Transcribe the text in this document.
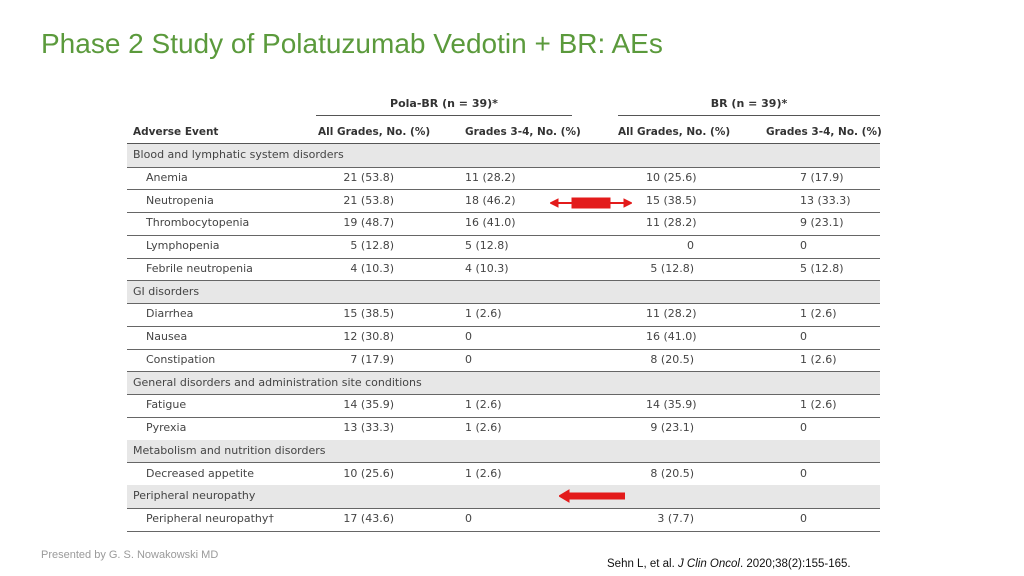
Phase 2 Study of Polatuzumab Vedotin + BR: AEs
Pola-BR (n = 39)*	BR (n = 39)*
Adverse Event	All Grades, No. (%)	Grades 3-4, No. (%)	All Grades, No. (%)	Grades 3-4, No. (%)
Blood and lymphatic system disorders
Anemia	21 (53.8)	11 (28.2)	10 (25.6)	7 (17.9)
Neutropenia	21 (53.8)	18 (46.2)	15 (38.5)	13 (33.3)
Thrombocytopenia	19 (48.7)	16 (41.0)	11 (28.2)	9 (23.1)
Lymphopenia	5 (12.8)	5 (12.8)	0	0
Febrile neutropenia	4 (10.3)	4 (10.3)	5 (12.8)	5 (12.8)
GI disorders
Diarrhea	15 (38.5)	1 (2.6)	11 (28.2)	1 (2.6)
Nausea	12 (30.8)	0	16 (41.0)	0
Constipation	7 (17.9)	0	8 (20.5)	1 (2.6)
General disorders and administration site conditions
Fatigue	14 (35.9)	1 (2.6)	14 (35.9)	1 (2.6)
Pyrexia	13 (33.3)	1 (2.6)	9 (23.1)	0
Metabolism and nutrition disorders
Decreased appetite	10 (25.6)	1 (2.6)	8 (20.5)	0
Peripheral neuropathy
Peripheral neuropathy†	17 (43.6)	0	3 (7.7)	0
Presented by G. S. Nowakowski MD
Sehn L, et al. J Clin Oncol. 2020;38(2):155-165.
